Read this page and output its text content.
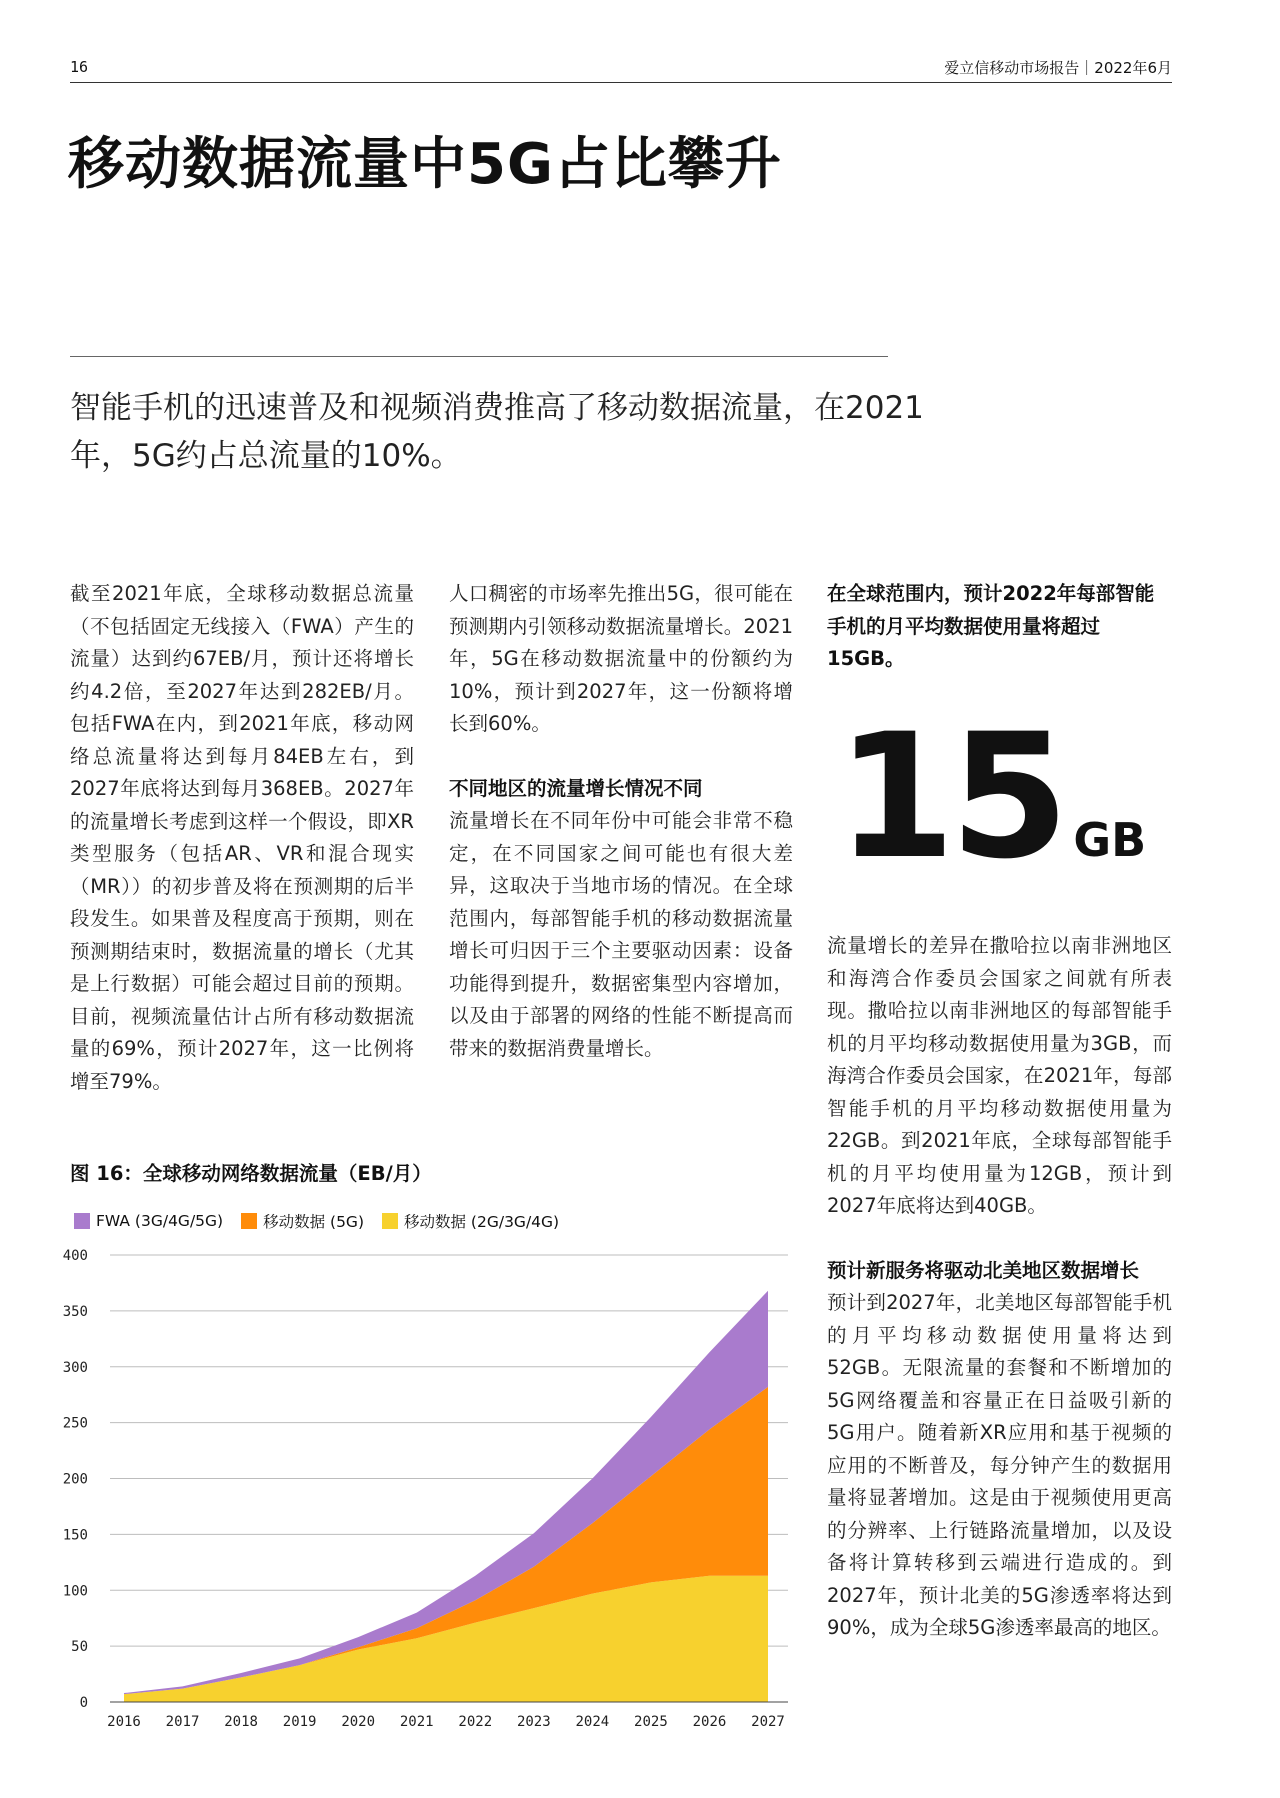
16	爱立信移动市场报告｜2022年6月
移动数据流量中5G占比攀升
智能手机的迅速普及和视频消费推高了移动数据流量，在2021年，5G约占总流量的10%。

截至2021年底，全球移动数据总流量（不包括固定无线接入（FWA）产生的流量）达到约67EB/月，预计还将增长约4.2倍，至2027年达到282EB/月。包括FWA在内，到2021年底，移动网络总流量将达到每月84EB左右，到2027年底将达到每月368EB。2027年的流量增长考虑到这样一个假设，即XR类型服务（包括AR、VR和混合现实（MR））的初步普及将在预测期的后半段发生。如果普及程度高于预期，则在预测期结束时，数据流量的增长（尤其是上行数据）可能会超过目前的预期。目前，视频流量估计占所有移动数据流量的69%，预计2027年，这一比例将增至79%。

人口稠密的市场率先推出5G，很可能在预测期内引领移动数据流量增长。2021年，5G在移动数据流量中的份额约为10%，预计到2027年，这一份额将增长到60%。

不同地区的流量增长情况不同

流量增长在不同年份中可能会非常不稳定，在不同国家之间可能也有很大差异，这取决于当地市场的情况。在全球范围内，每部智能手机的移动数据流量增长可归因于三个主要驱动因素：设备功能得到提升，数据密集型内容增加，以及由于部署的网络的性能不断提高而带来的数据消费量增长。

在全球范围内，预计2022年每部智能手机的月平均数据使用量将超过15GB。
15 GB

流量增长的差异在撒哈拉以南非洲地区和海湾合作委员会国家之间就有所表现。撒哈拉以南非洲地区的每部智能手机的月平均移动数据使用量为3GB，而海湾合作委员会国家，在2021年，每部智能手机的月平均移动数据使用量为22GB。到2021年底，全球每部智能手机的月平均使用量为12GB，预计到2027年底将达到40GB。

预计新服务将驱动北美地区数据增长

预计到2027年，北美地区每部智能手机的月平均移动数据使用量将达到52GB。无限流量的套餐和不断增加的5G网络覆盖和容量正在日益吸引新的5G用户。随着新XR应用和基于视频的应用的不断普及，每分钟产生的数据用量将显著增加。这是由于视频使用更高的分辨率、上行链路流量增加，以及设备将计算转移到云端进行造成的。到2027年，预计北美的5G渗透率将达到90%，成为全球5G渗透率最高的地区。

图 16：全球移动网络数据流量（EB/月）
FWA (3G/4G/5G)	移动数据 (5G)	移动数据 (2G/3G/4G)
0
50
100
150
200
250
300
350
400
2016 2017 2018 2019 2020 2021 2022 2023 2024 2025 2026 2027
